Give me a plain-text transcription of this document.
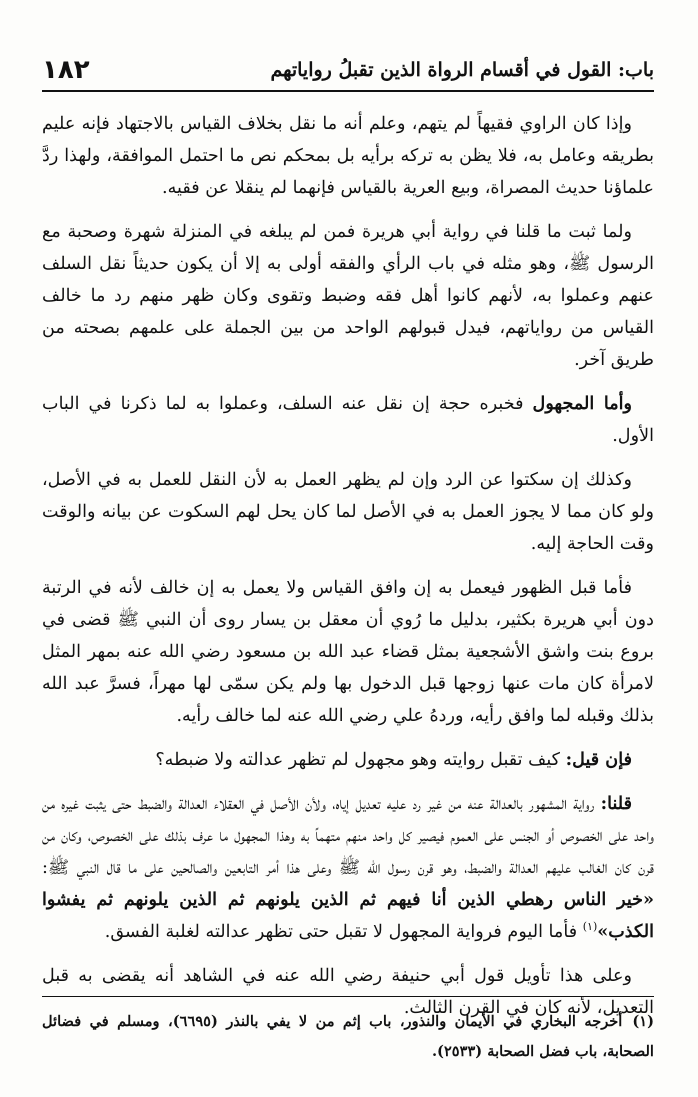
باب: القول في أقسام الرواة الذين تقبلُ رواياتهم
١٨٢

وإذا كان الراوي فقيهاً لم يتهم، وعلم أنه ما نقل بخلاف القياس بالاجتهاد فإنه عليم بطريقه وعامل به، فلا يظن به تركه برأيه بل بمحكم نص ما احتمل الموافقة، ولهذا ردَّ علماؤنا حديث المصراة، وبيع العرية بالقياس فإنهما لم ينقلا عن فقيه.

ولما ثبت ما قلنا في رواية أبي هريرة فمن لم يبلغه في المنزلة شهرة وصحبة مع الرسول ﷺ، وهو مثله في باب الرأي والفقه أولى به إلا أن يكون حديثاً نقل السلف عنهم وعملوا به، لأنهم كانوا أهل فقه وضبط وتقوى وكان ظهر منهم رد ما خالف القياس من رواياتهم، فيدل قبولهم الواحد من بين الجملة على علمهم بصحته من طريق آخر.

وأما المجهول فخبره حجة إن نقل عنه السلف، وعملوا به لما ذكرنا في الباب الأول.

وكذلك إن سكتوا عن الرد وإن لم يظهر العمل به لأن النقل للعمل به في الأصل، ولو كان مما لا يجوز العمل به في الأصل لما كان يحل لهم السكوت عن بيانه والوقت وقت الحاجة إليه.

فأما قبل الظهور فيعمل به إن وافق القياس ولا يعمل به إن خالف لأنه في الرتبة دون أبي هريرة بكثير، بدليل ما رُوي أن معقل بن يسار روى أن النبي ﷺ قضى في بروع بنت واشق الأشجعية بمثل قضاء عبد الله بن مسعود رضي الله عنه بمهر المثل لامرأة كان مات عنها زوجها قبل الدخول بها ولم يكن سمّى لها مهراً، فسرَّ عبد الله بذلك وقبله لما وافق رأيه، وردهُ علي رضي الله عنه لما خالف رأيه.

فإن قيل: كيف تقبل روايته وهو مجهول لم تظهر عدالته ولا ضبطه؟

قلنا: رواية المشهور بالعدالة عنه من غير رد عليه تعديل إياه، ولأن الأصل في العقلاء العدالة والضبط حتى يثبت غيره من واحد على الخصوص أو الجنس على العموم فيصير كل واحد منهم متهماً به وهذا المجهول ما عرف بذلك على الخصوص، وكان من قرن كان الغالب عليهم العدالة والضبط، وهو قرن رسول الله ﷺ وعلى هذا أمر التابعين والصالحين على ما قال النبي ﷺ: «خير الناس رهطي الذين أنا فيهم ثم الذين يلونهم ثم الذين يلونهم ثم يفشوا الكذب»$^{(١)}$ فأما اليوم فرواية المجهول لا تقبل حتى تظهر عدالته لغلبة الفسق.

وعلى هذا تأويل قول أبي حنيفة رضي الله عنه في الشاهد أنه يقضى به قبل التعديل، لأنه كان في القرن الثالث.

(١)أخرجه البخاري في الأيمان والنذور، باب إثم من لا يفي بالنذر (٦٦٩٥)، ومسلم في فضائل الصحابة، باب فضل الصحابة (٢٥٣٣).
